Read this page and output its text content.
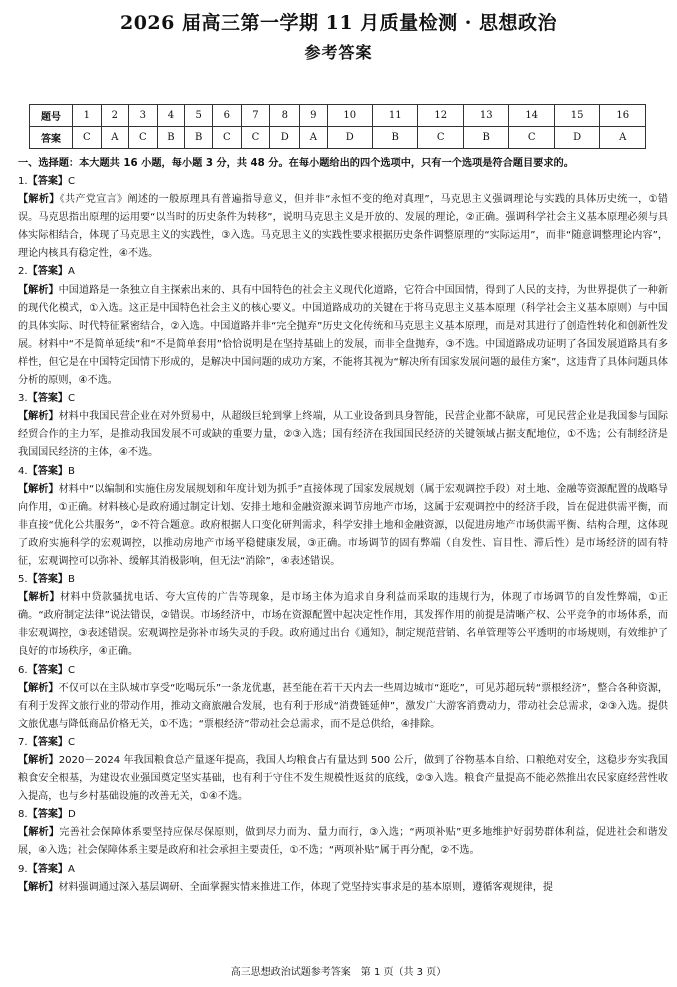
2026 届高三第一学期 11 月质量检测 · 思想政治
参考答案
题号	1	2	3	4	5	6	7	8	9	10	11	12	13	14	15	16
答案	C	A	C	B	B	C	C	D	A	D	B	C	B	C	D	A
一、选择题：本大题共 16 小题，每小题 3 分，共 48 分。在每小题给出的四个选项中，只有一个选项是符合题目要求的。
1.【答案】C
【解析】《共产党宣言》阐述的一般原理具有普遍指导意义，但并非“永恒不变的绝对真理”，马克思主义强调理论与实践的具体历史统一，①错误。马克思指出原理的运用要“以当时的历史条件为转移”，说明马克思主义是开放的、发展的理论，②正确。强调科学社会主义基本原理必须与具体实际相结合，体现了马克思主义的实践性，③入选。马克思主义的实践性要求根据历史条件调整原理的“实际运用”，而非“随意调整理论内容”，理论内核具有稳定性，④不选。
2.【答案】A
【解析】中国道路是一条独立自主探索出来的、具有中国特色的社会主义现代化道路，它符合中国国情，得到了人民的支持，为世界提供了一种新的现代化模式，①入选。这正是中国特色社会主义的核心要义。中国道路成功的关键在于将马克思主义基本原理（科学社会主义基本原则）与中国的具体实际、时代特征紧密结合，②入选。中国道路并非“完全抛弃”历史文化传统和马克思主义基本原理，而是对其进行了创造性转化和创新性发展。材料中“不是简单延续”和“不是简单套用”恰恰说明是在坚持基础上的发展，而非全盘抛弃，③不选。中国道路成功证明了各国发展道路具有多样性，但它是在中国特定国情下形成的，是解决中国问题的成功方案，不能将其视为“解决所有国家发展问题的最佳方案”，这违背了具体问题具体分析的原则，④不选。
3.【答案】C
【解析】材料中我国民营企业在对外贸易中，从超级巨轮到掌上终端，从工业设备到具身智能，民营企业都不缺席，可见民营企业是我国参与国际经贸合作的主力军，是推动我国发展不可或缺的重要力量，②③入选；国有经济在我国国民经济的关键领域占据支配地位，①不选；公有制经济是我国国民经济的主体，④不选。
4.【答案】B
【解析】材料中“以编制和实施住房发展规划和年度计划为抓手”直接体现了国家发展规划（属于宏观调控手段）对土地、金融等资源配置的战略导向作用，①正确。材料核心是政府通过制定计划、安排土地和金融资源来调节房地产市场，这属于宏观调控中的经济手段，旨在促进供需平衡，而非直接“优化公共服务”，②不符合题意。政府根据人口变化研判需求，科学安排土地和金融资源，以促进房地产市场供需平衡、结构合理，这体现了政府实施科学的宏观调控，以推动房地产市场平稳健康发展，③正确。市场调节的固有弊端（自发性、盲目性、滞后性）是市场经济的固有特征，宏观调控可以弥补、缓解其消极影响，但无法“消除”，④表述错误。
5.【答案】B
【解析】材料中贷款骚扰电话、夸大宣传的广告等现象，是市场主体为追求自身利益而采取的违规行为，体现了市场调节的自发性弊端，①正确。“政府制定法律”说法错误，②错误。市场经济中，市场在资源配置中起决定性作用，其发挥作用的前提是清晰产权、公平竞争的市场体系，而非宏观调控，③表述错误。宏观调控是弥补市场失灵的手段。政府通过出台《通知》，制定规范营销、名单管理等公平透明的市场规则，有效维护了良好的市场秩序，④正确。
6.【答案】C
【解析】不仅可以在主队城市享受“吃喝玩乐”一条龙优惠，甚至能在若干天内去一些周边城市“逛吃”，可见苏超玩转“票根经济”，整合各种资源，有利于发挥文旅行业的带动作用，推动文商旅融合发展，也有利于形成“消费链延伸”，激发广大游客消费动力，带动社会总需求，②③入选。提供文旅优惠与降低商品价格无关，①不选；“票根经济”带动社会总需求，而不是总供给，④排除。
7.【答案】C
【解析】2020－2024 年我国粮食总产量逐年提高，我国人均粮食占有量达到 500 公斤，做到了谷物基本自给、口粮绝对安全，这稳步夯实我国粮食安全根基，为建设农业强国奠定坚实基础，也有利于守住不发生规模性返贫的底线，②③入选。粮食产量提高不能必然推出农民家庭经营性收入提高，也与乡村基础设施的改善无关，①④不选。
8.【答案】D
【解析】完善社会保障体系要坚持应保尽保原则，做到尽力而为、量力而行，③入选；“两项补贴”更多地维护好弱势群体利益，促进社会和谐发展，④入选；社会保障体系主要是政府和社会承担主要责任，①不选；“两项补贴”属于再分配，②不选。
9.【答案】A
【解析】材料强调通过深入基层调研、全面掌握实情来推进工作，体现了党坚持实事求是的基本原则，遵循客观规律，提
高三思想政治试题参考答案　第 1 页（共 3 页）
